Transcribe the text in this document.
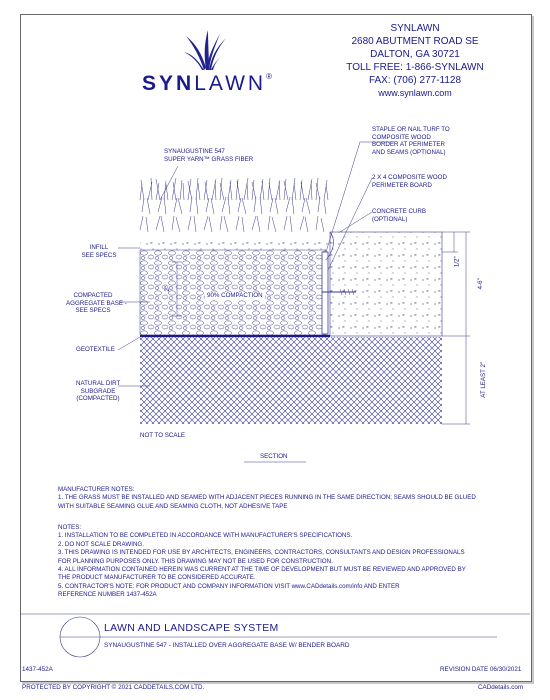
SYNLAWN®
SYNLAWN
2680 ABUTMENT ROAD SE
DALTON, GA 30721
TOLL FREE: 1-866-SYNLAWN
FAX: (706) 277-1128
www.synlawn.com
SYNAUGUSTINE 547
SUPER YARN™ GRASS FIBER
STAPLE OR NAIL TURF TO
COMPOSITE WOOD
BORDER AT PERIMETER
AND SEAMS (OPTIONAL)
2 X 4 COMPOSITE WOOD
PERIMETER BOARD
CONCRETE CURB
(OPTIONAL)
INFILL
SEE SPECS
COMPACTED
AGGREGATE BASE -
SEE SPECS
GEOTEXTILE
NATURAL DIRT
SUBGRADE
(COMPACTED)
90% COMPACTION
2"
1/2"
4-6"
AT LEAST 2"
NOT TO SCALE
SECTION
MANUFACTURER NOTES:
1. THE GRASS MUST BE INSTALLED AND SEAMED WITH ADJACENT PIECES RUNNING IN THE SAME DIRECTION; SEAMS SHOULD BE GLUED
WITH SUITABLE SEAMING GLUE AND SEAMING CLOTH, NOT ADHESIVE TAPE
NOTES:
1. INSTALLATION TO BE COMPLETED IN ACCORDANCE WITH MANUFACTURER'S SPECIFICATIONS.
2. DO NOT SCALE DRAWING.
3. THIS DRAWING IS INTENDED FOR USE BY ARCHITECTS, ENGINEERS, CONTRACTORS, CONSULTANTS AND DESIGN PROFESSIONALS
FOR PLANNING PURPOSES ONLY. THIS DRAWING MAY NOT BE USED FOR CONSTRUCTION.
4. ALL INFORMATION CONTAINED HEREIN WAS CURRENT AT THE TIME OF DEVELOPMENT BUT MUST BE REVIEWED AND APPROVED BY
THE PRODUCT MANUFACTURER TO BE CONSIDERED ACCURATE.
5. CONTRACTOR'S NOTE: FOR PRODUCT AND COMPANY INFORMATION VISIT www.CADdetails.com/info AND ENTER
REFERENCE NUMBER 1437-452A
LAWN AND LANDSCAPE SYSTEM
SYNAUGUSTINE 547 - INSTALLED OVER AGGREGATE BASE W/ BENDER BOARD
1437-452A	REVISION DATE 06/30/2021
PROTECTED BY COPYRIGHT © 2021 CADDETAILS.COM LTD.	CADdetails.com
